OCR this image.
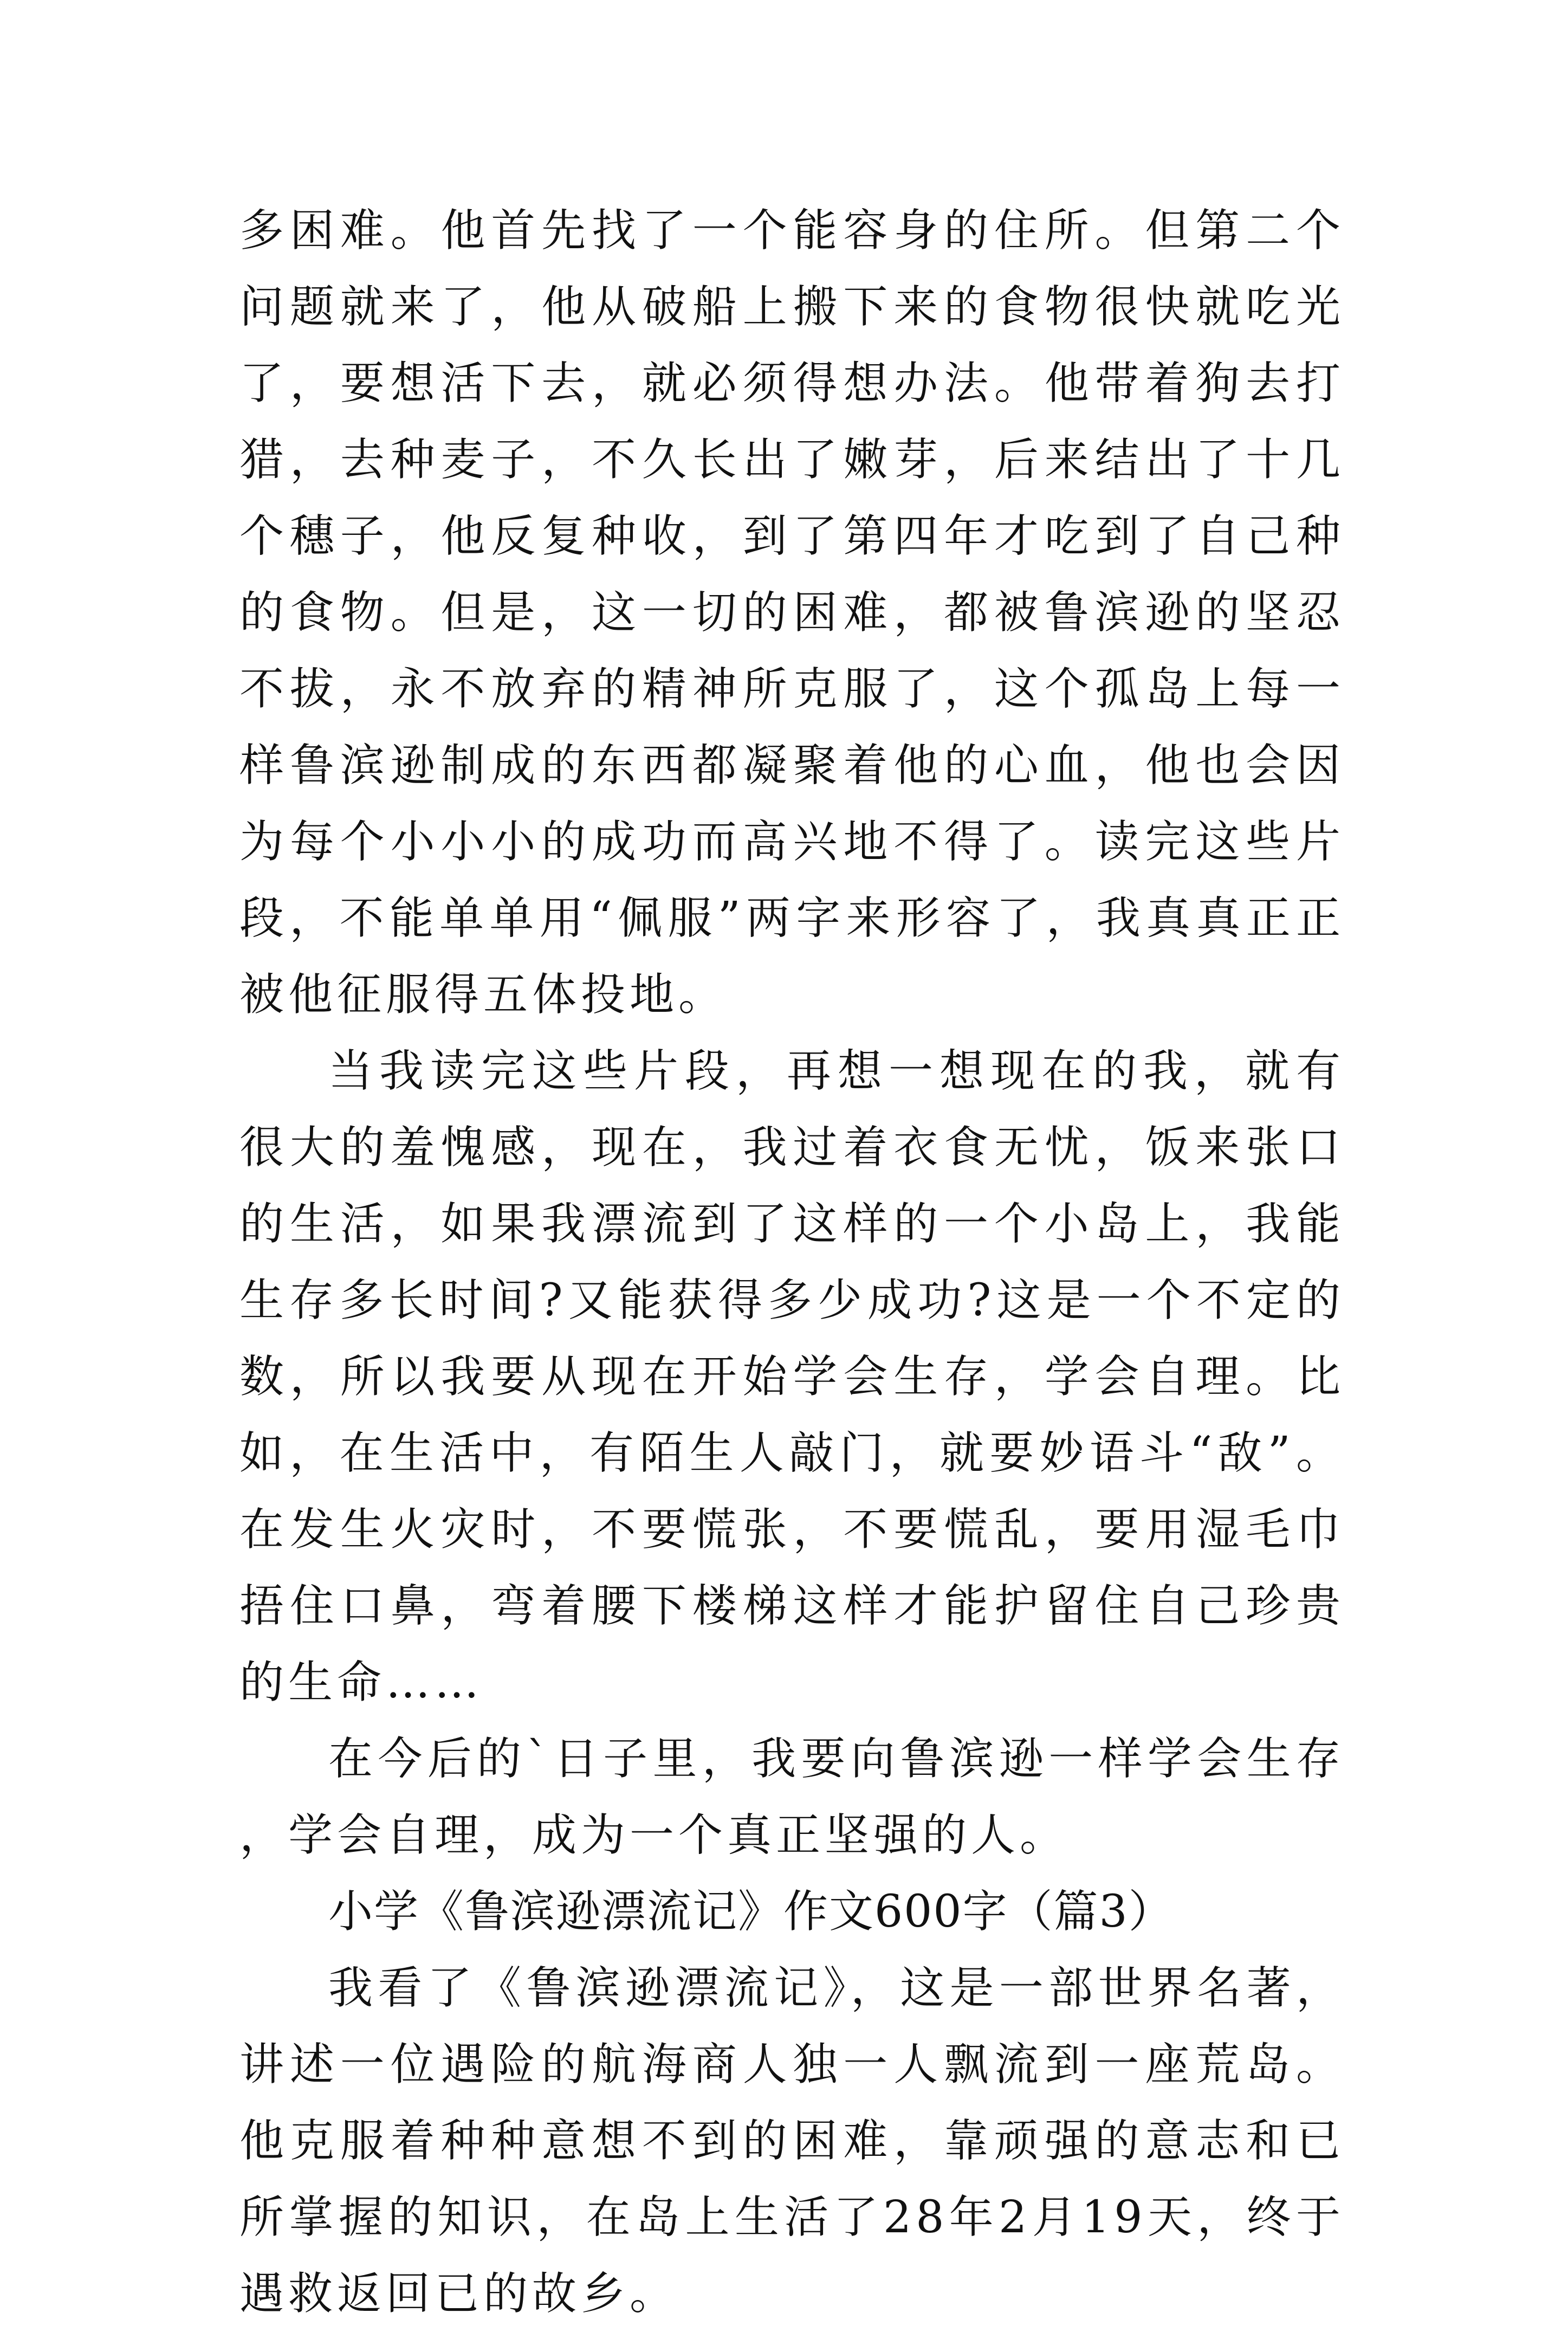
多困难。他首先找了一个能容身的住所。但第二个问题就来了，他从破船上搬下来的食物很快就吃光了，要想活下去，就必须得想办法。他带着狗去打猎，去种麦子，不久长出了嫩芽，后来结出了十几个穗子，他反复种收，到了第四年才吃到了自己种的食物。但是，这一切的困难，都被鲁滨逊的坚忍不拔，永不放弃的精神所克服了，这个孤岛上每一样鲁滨逊制成的东西都凝聚着他的心血，他也会因为每个小小小的成功而高兴地不得了。读完这些片段，不能单单用“佩服”两字来形容了，我真真正正被他征服得五体投地。

当我读完这些片段，再想一想现在的我，就有很大的羞愧感，现在，我过着衣食无忧，饭来张口的生活，如果我漂流到了这样的一个小岛上，我能生存多长时间?又能获得多少成功?这是一个不定的数，所以我要从现在开始学会生存，学会自理。比如，在生活中，有陌生人敲门，就要妙语斗“敌”。在发生火灾时，不要慌张，不要慌乱，要用湿毛巾捂住口鼻，弯着腰下楼梯这样才能护留住自己珍贵的生命……

在今后的`日子里，我要向鲁滨逊一样学会生存，学会自理，成为一个真正坚强的人。

小学《鲁滨逊漂流记》作文600字（篇3）

我看了《鲁滨逊漂流记》，这是一部世界名著，讲述一位遇险的航海商人独一人飘流到一座荒岛。他克服着种种意想不到的困难，靠顽强的意志和已所掌握的知识，在岛上生活了28年2月19天，终于遇救返回已的故乡。
